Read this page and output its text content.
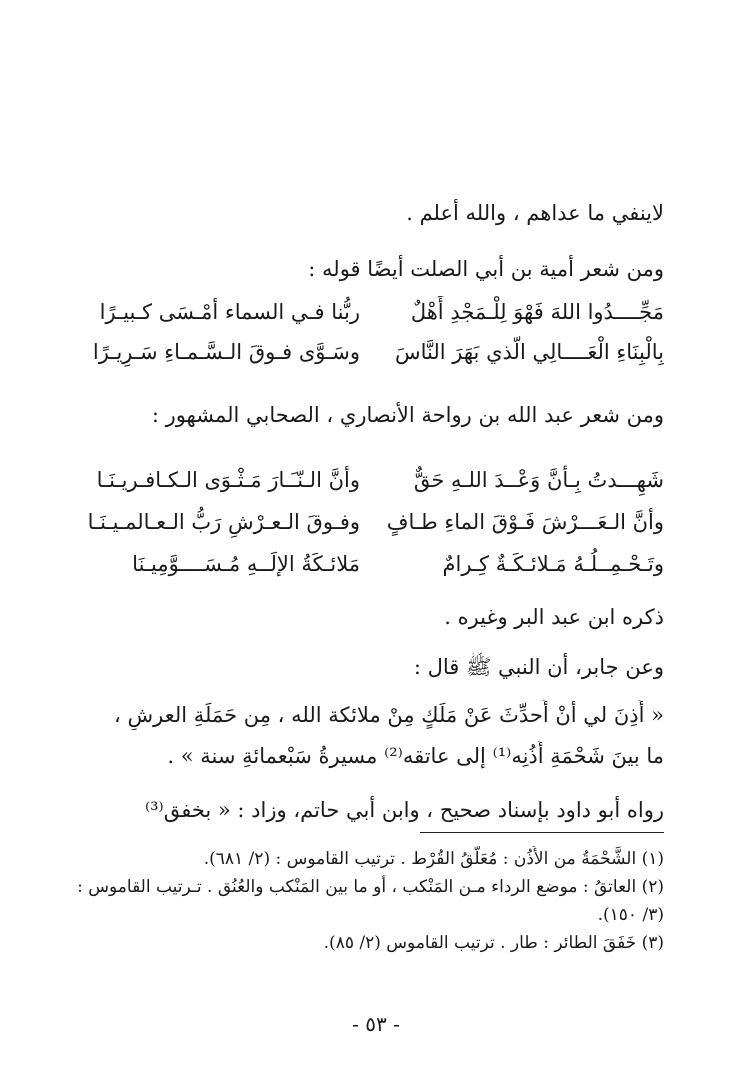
لاينفي ما عداهم ، والله أعلم .
ومن شعر أمية بن أبي الصلت أيضًا قوله :
مَجِّــــدُوا اللهَ فَهْوَ لِلْـمَجْدِ أَهْلٌ
ربُّنا فـي السماء أمْـسَى كـبيـرًا
بِالْبِنَاءِ الْعَــــالِي الَّذي بَهَرَ النَّاسَ
وسَـوَّى فـوقَ الـسَّـمـاءِ سَـرِيـرًا
ومن شعر عبد الله بن رواحة الأنصاري ، الصحابي المشهور :
شَهِـــدتُ بِـأنَّ وَعْــدَ اللـهِ حَقٌّ
وأنَّ الـنّـَـارَ مَـثْـوَى الـكـافـريـنَـا
وأنَّ الـعَـــرْشَ فَـوْقَ الماءِ طـافٍ
وفـوقَ الـعـرْشِ رَبُّ الـعـالمـيـنَـا
وتَـحْـمِــلُـهُ مَـلائـكَـةٌ كِـرامٌ
مَلائـكَةُ الإلَــهِ مُـسَــــوَّمِيـنَا
ذكره ابن عبد البر وغيره .
وعن جابر، أن النبي ﷺ قال :
« أُذِنَ لي أنْ أُحدِّثَ عَنْ مَلَكٍ مِنْ ملائكة الله ، مِن حَمَلَةِ العرشِ ،
ما بينَ شَحْمَةِ أُذُنِه⁽¹⁾ إلى عاتقه⁽²⁾ مسيرةُ سَبْعمائةِ سنة » .
رواه أبو داود بإسناد صحيح ، وابن أبي حاتم، وزاد : « بخفق⁽³⁾
(١) الشَّحْمَةُ من الأُذُن : مُعَلَّقُ القُرْط . ترتيب القاموس : (٢/ ٦٨١).
(٢) العاتقُ : موضع الرداء مـن المَنْكب ، أو ما بين المَنْكب والعُنُق . تـرتيب القاموس :
(٣/ ١٥٠).
(٣) خَفَقَ الطائر : طار . ترتيب القاموس (٢/ ٨٥).
- ٥٣ -
